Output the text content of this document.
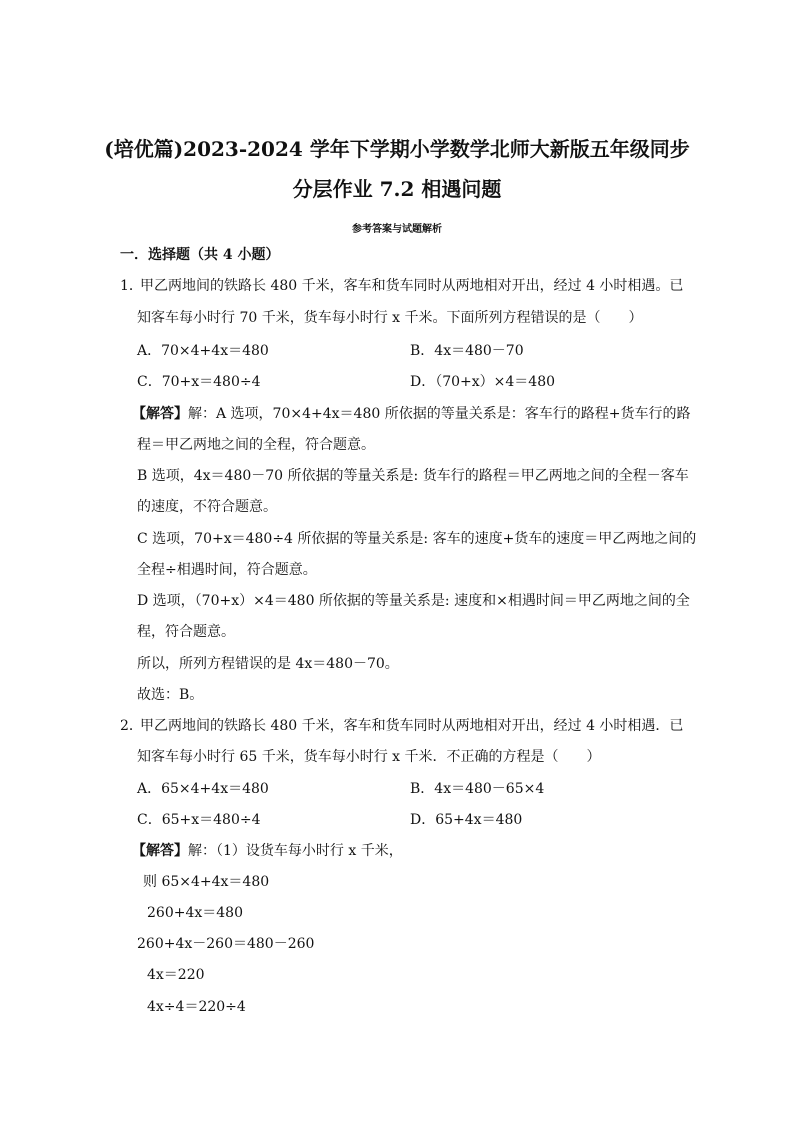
(培优篇)2023-2024 学年下学期小学数学北师大新版五年级同步
分层作业 7.2 相遇问题
参考答案与试题解析
一．选择题（共 4 小题）
1．甲乙两地间的铁路长 480 千米，客车和货车同时从两地相对开出，经过 4 小时相遇。已
知客车每小时行 70 千米，货车每小时行 x 千米。下面所列方程错误的是（　　）
A．70×4+4x＝480	B．4x＝480－70
C．70+x＝480÷4	D．（70+x）×4＝480
【解答】解：A 选项，70×4+4x＝480 所依据的等量关系是：客车行的路程+货车行的路
程＝甲乙两地之间的全程，符合题意。
B 选项，4x＝480－70 所依据的等量关系是: 货车行的路程＝甲乙两地之间的全程－客车
的速度，不符合题意。
C 选项，70+x＝480÷4 所依据的等量关系是: 客车的速度+货车的速度＝甲乙两地之间的
全程÷相遇时间，符合题意。
D 选项，（70+x）×4＝480 所依据的等量关系是: 速度和×相遇时间＝甲乙两地之间的全
程，符合题意。
所以，所列方程错误的是 4x＝480－70。
故选：B。
2．甲乙两地间的铁路长 480 千米，客车和货车同时从两地相对开出，经过 4 小时相遇．已
知客车每小时行 65 千米，货车每小时行 x 千米．不正确的方程是（　　）
A．65×4+4x＝480	B．4x＝480－65×4
C．65+x＝480÷4	D．65+4x＝480
【解答】解：（1）设货车每小时行 x 千米，
则 65×4+4x＝480
260+4x＝480
260+4x－260＝480－260
4x＝220
4x÷4＝220÷4
